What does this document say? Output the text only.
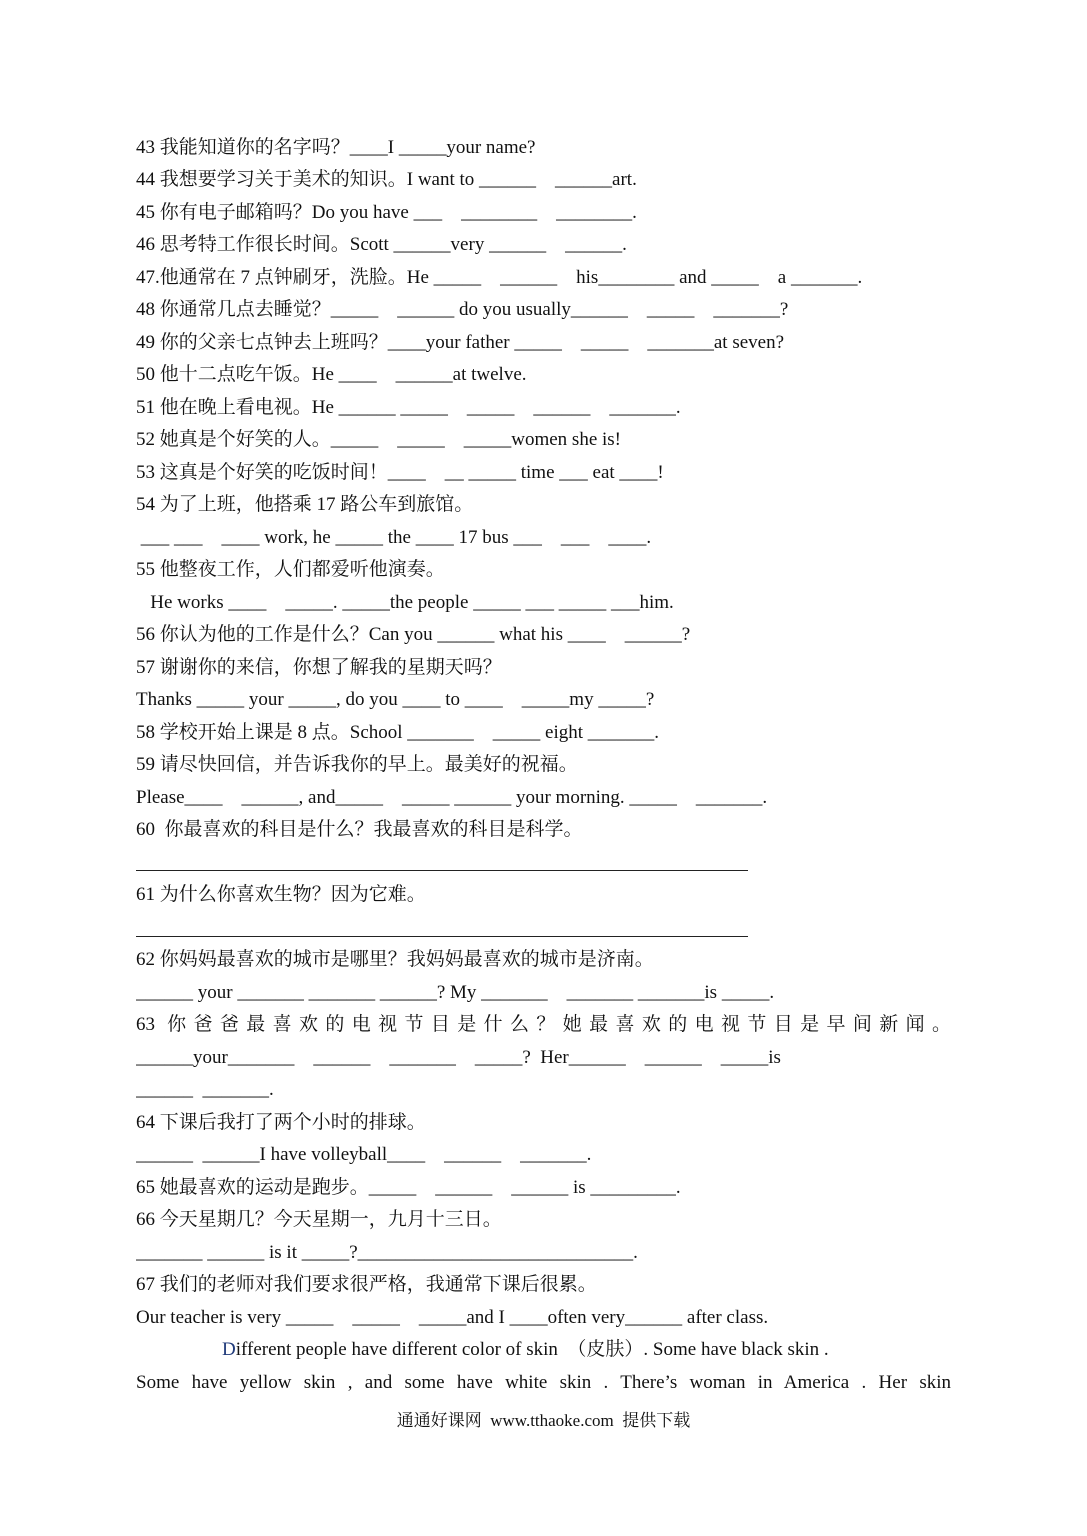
43 我能知道你的名字吗？____I _____your name?
44 我想要学习关于美术的知识。I want to ______    ______art.
45 你有电子邮箱吗？Do you have ___    ________    ________.
46 思考特工作很长时间。Scott ______very ______    ______.
47.他通常在 7 点钟刷牙，洗脸。He _____    ______    his________ and _____    a _______.
48 你通常几点去睡觉？_____    ______ do you usually______    _____    _______?
49 你的父亲七点钟去上班吗？____your father _____    _____    _______at seven?
50 他十二点吃午饭。He ____    ______at twelve.
51 他在晚上看电视。He ______ _____    _____    ______    _______.
52 她真是个好笑的人。_____    _____    _____women she is!
53 这真是个好笑的吃饭时间！____    __ _____ time ___ eat ____!
54 为了上班，他搭乘 17 路公车到旅馆。
___ ___    ____ work, he _____ the ____ 17 bus ___    ___    ____.
55 他整夜工作，人们都爱听他演奏。
He works ____    _____. _____the people _____ ___ _____ ___him.
56 你认为他的工作是什么？Can you ______ what his ____    ______?
57 谢谢你的来信，你想了解我的星期天吗？
Thanks _____ your _____, do you ____ to ____    _____my _____?
58 学校开始上课是 8 点。School _______    _____ eight _______.
59 请尽快回信，并告诉我你的早上。最美好的祝福。
Please____    ______, and_____    _____ ______ your morning. _____    _______.
60  你最喜欢的科目是什么？我最喜欢的科目是科学。
61 为什么你喜欢生物？因为它难。
62 你妈妈最喜欢的城市是哪里？我妈妈最喜欢的城市是济南。
______ your _______ _______ ______? My _______    _______ _______is _____.
63 你爸爸最喜欢的电视节目是什么？她最喜欢的电视节目是早间新闻。
______your_______    ______    _______    _____?  Her______    ______    _____is
______  _______.
64 下课后我打了两个小时的排球。
______  ______I have volleyball____    ______    _______.
65 她最喜欢的运动是跑步。_____    ______    ______ is _________.
66 今天星期几？今天星期一，九月十三日。
_______ ______ is it _____?_____________________________.
67 我们的老师对我们要求很严格，我通常下课后很累。
Our teacher is very _____    _____    _____and I ____often very______ after class.
Different people have different color of skin  （皮肤）. Some have black skin .
Some have yellow skin , and some have white skin . There’s woman in America . Her skin
通通好课网  www.tthaoke.com  提供下载
